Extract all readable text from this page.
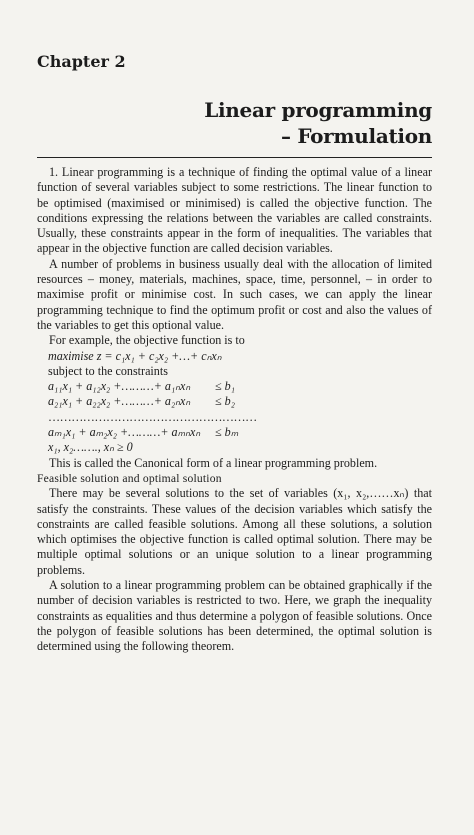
Chapter 2
Linear programming
– Formulation

1. Linear programming is a technique of finding the optimal value of a linear function of several variables subject to some restrictions. The linear function to be optimised (maximised or minimised) is called the objective function. The conditions expressing the relations between the variables are called constraints. Usually, these constraints appear in the form of inequalities. The variables that appear in the objective function are called decision variables.

A number of problems in business usually deal with the allocation of limited resources – money, materials, machines, space, time, personnel, – in order to maximise profit or minimise cost. In such cases, we can apply the linear programming technique to find the optimum profit or cost and also the values of the variables to get this optional value.

For example, the objective function is to

maximise z = c₁x₁ + c₂x₂ +…+ cₙxₙ

subject to the constraints

a₁₁x₁ + a₁₂x₂ +………+ a₁ₙxₙ	≤ b₁
a₂₁x₁ + a₂₂x₂ +………+ a₂ₙxₙ	≤ b₂

………………………………………………

aₘ₁x₁ + aₘ₂x₂ +………+ aₘₙxₙ	≤ bₘ

x₁, x₂……., xₙ ≥ 0

This is called the Canonical form of a linear programming problem.

Feasible solution and optimal solution

There may be several solutions to the set of variables (x₁, x₂,……xₙ) that satisfy the constraints. These values of the decision variables which satisfy the constraints are called feasible solutions. Among all these solutions, a solution which optimises the objective function is called optimal solution. There may be multiple optimal solutions or an unique solution to a linear programming problems.

A solution to a linear programming problem can be obtained graphically if the number of decision variables is restricted to two. Here, we graph the inequality constraints as equalities and thus determine a polygon of feasible solutions. Once the polygon of feasible solutions has been determined, the optimal solution is determined using the following theorem.
